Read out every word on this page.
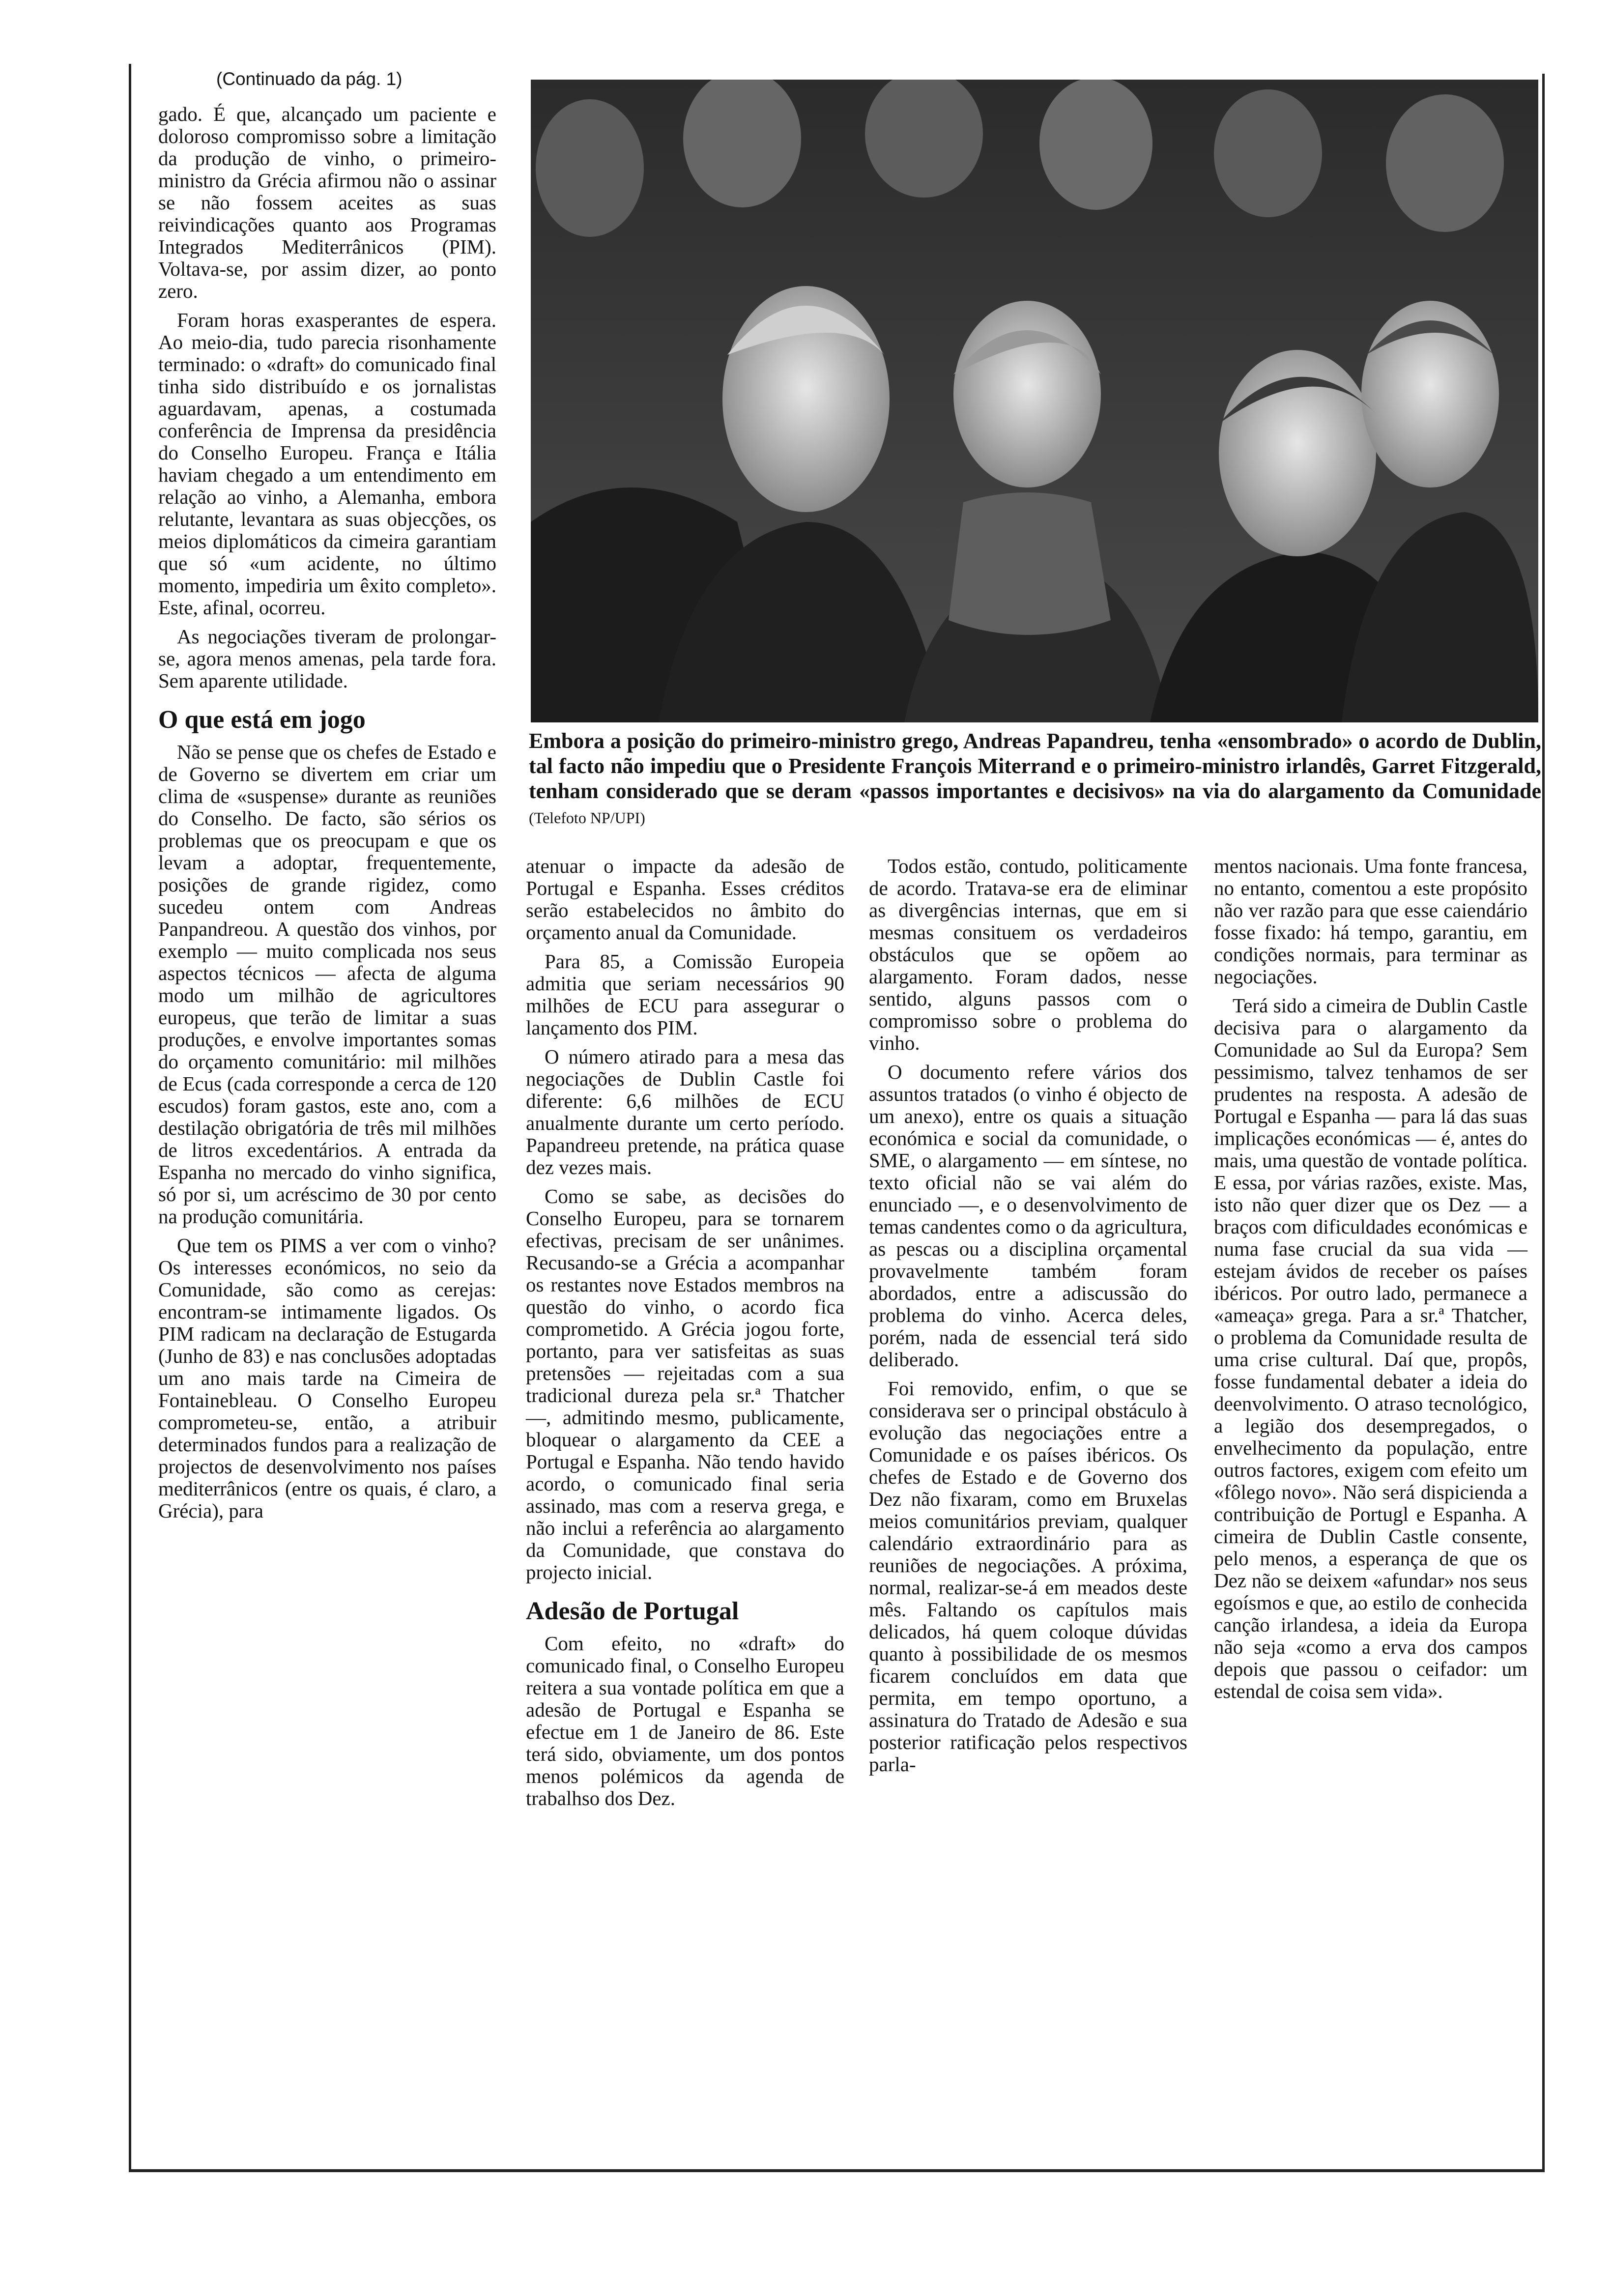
(Continuado da pág. 1)
Embora a posição do primeiro-ministro grego, Andreas Papandreu, tenha «ensombrado» o acordo de Dublin, tal facto não impediu que o Presidente François Miterrand e o primeiro-ministro irlandês, Garret Fitzgerald, tenham considerado que se deram «passos importantes e decisivos» na via do alargamento da Comunidade (Telefoto NP/UPI)

gado. É que, alcançado um paciente e doloroso compromisso sobre a limitação da produção de vinho, o primeiro-ministro da Grécia afirmou não o assinar se não fossem aceites as suas reivindicações quanto aos Programas Integrados Mediterrânicos (PIM). Voltava-se, por assim dizer, ao ponto zero.

Foram horas exasperantes de espera. Ao meio-dia, tudo parecia risonhamente terminado: o «draft» do comunicado final tinha sido distribuído e os jornalistas aguardavam, apenas, a costumada conferência de Imprensa da presidência do Conselho Europeu. França e Itália haviam chegado a um entendimento em relação ao vinho, a Alemanha, embora relutante, levantara as suas objecções, os meios diplomáticos da cimeira garantiam que só «um acidente, no último momento, impediria um êxito completo». Este, afinal, ocorreu.

As negociações tiveram de prolongar-se, agora menos amenas, pela tarde fora. Sem aparente utilidade.

O que está em jogo

Não se pense que os chefes de Estado e de Governo se divertem em criar um clima de «suspense» durante as reuniões do Conselho. De facto, são sérios os problemas que os preocupam e que os levam a adoptar, frequentemente, posições de grande rigidez, como sucedeu ontem com Andreas Panpandreou. A questão dos vinhos, por exemplo — muito complicada nos seus aspectos técnicos — afecta de alguma modo um milhão de agricultores europeus, que terão de limitar a suas produções, e envolve importantes somas do orçamento comunitário: mil milhões de Ecus (cada corresponde a cerca de 120 escudos) foram gastos, este ano, com a destilação obrigatória de três mil milhões de litros excedentários. A entrada da Espanha no mercado do vinho significa, só por si, um acréscimo de 30 por cento na produção comunitária.

Que tem os PIMS a ver com o vinho? Os interesses económicos, no seio da Comunidade, são como as cerejas: encontram-se intimamente ligados. Os PIM radicam na declaração de Estugarda (Junho de 83) e nas conclusões adoptadas um ano mais tarde na Cimeira de Fontainebleau. O Conselho Europeu comprometeu-se, então, a atribuir determinados fundos para a realização de projectos de desenvolvimento nos países mediterrânicos (entre os quais, é claro, a Grécia), para

atenuar o impacte da adesão de Portugal e Espanha. Esses créditos serão estabelecidos no âmbito do orçamento anual da Comunidade.

Para 85, a Comissão Europeia admitia que seriam necessários 90 milhões de ECU para assegurar o lançamento dos PIM.

O número atirado para a mesa das negociações de Dublin Castle foi diferente: 6,6 milhões de ECU anualmente durante um certo período. Papandreeu pretende, na prática quase dez vezes mais.

Como se sabe, as decisões do Conselho Europeu, para se tornarem efectivas, precisam de ser unânimes. Recusando-se a Grécia a acompanhar os restantes nove Estados membros na questão do vinho, o acordo fica comprometido. A Grécia jogou forte, portanto, para ver satisfeitas as suas pretensões — rejeitadas com a sua tradicional dureza pela sr.ª Thatcher —, admitindo mesmo, publicamente, bloquear o alargamento da CEE a Portugal e Espanha. Não tendo havido acordo, o comunicado final seria assinado, mas com a reserva grega, e não inclui a referência ao alargamento da Comunidade, que constava do projecto inicial.

Adesão de Portugal

Com efeito, no «draft» do comunicado final, o Conselho Europeu reitera a sua vontade política em que a adesão de Portugal e Espanha se efectue em 1 de Janeiro de 86. Este terá sido, obviamente, um dos pontos menos polémicos da agenda de trabalhso dos Dez.

Todos estão, contudo, politicamente de acordo. Tratava-se era de eliminar as divergências internas, que em si mesmas consituem os verdadeiros obstáculos que se opõem ao alargamento. Foram dados, nesse sentido, alguns passos com o compromisso sobre o problema do vinho.

O documento refere vários dos assuntos tratados (o vinho é objecto de um anexo), entre os quais a situação económica e social da comunidade, o SME, o alargamento — em síntese, no texto oficial não se vai além do enunciado —, e o desenvolvimento de temas candentes como o da agricultura, as pescas ou a disciplina orçamental provavelmente também foram abordados, entre a adiscussão do problema do vinho. Acerca deles, porém, nada de essencial terá sido deliberado.

Foi removido, enfim, o que se considerava ser o principal obstáculo à evolução das negociações entre a Comunidade e os países ibéricos. Os chefes de Estado e de Governo dos Dez não fixaram, como em Bruxelas meios comunitários previam, qualquer calendário extraordinário para as reuniões de negociações. A próxima, normal, realizar-se-á em meados deste mês. Faltando os capítulos mais delicados, há quem coloque dúvidas quanto à possibilidade de os mesmos ficarem concluídos em data que permita, em tempo oportuno, a assinatura do Tratado de Adesão e sua posterior ratificação pelos respectivos parla-

mentos nacionais. Uma fonte francesa, no entanto, comentou a este propósito não ver razão para que esse caiendário fosse fixado: há tempo, garantiu, em condições normais, para terminar as negociações.

Terá sido a cimeira de Dublin Castle decisiva para o alargamento da Comunidade ao Sul da Europa? Sem pessimismo, talvez tenhamos de ser prudentes na resposta. A adesão de Portugal e Espanha — para lá das suas implicações económicas — é, antes do mais, uma questão de vontade política. E essa, por várias razões, existe. Mas, isto não quer dizer que os Dez — a braços com dificuldades económicas e numa fase crucial da sua vida — estejam ávidos de receber os países ibéricos. Por outro lado, permanece a «ameaça» grega. Para a sr.ª Thatcher, o problema da Comunidade resulta de uma crise cultural. Daí que, propôs, fosse fundamental debater a ideia do deenvolvimento. O atraso tecnológico, a legião dos desempregados, o envelhecimento da população, entre outros factores, exigem com efeito um «fôlego novo». Não será dispicienda a contribuição de Portugl e Espanha. A cimeira de Dublin Castle consente, pelo menos, a esperança de que os Dez não se deixem «afundar» nos seus egoísmos e que, ao estilo de conhecida canção irlandesa, a ideia da Europa não seja «como a erva dos campos depois que passou o ceifador: um estendal de coisa sem vida».
